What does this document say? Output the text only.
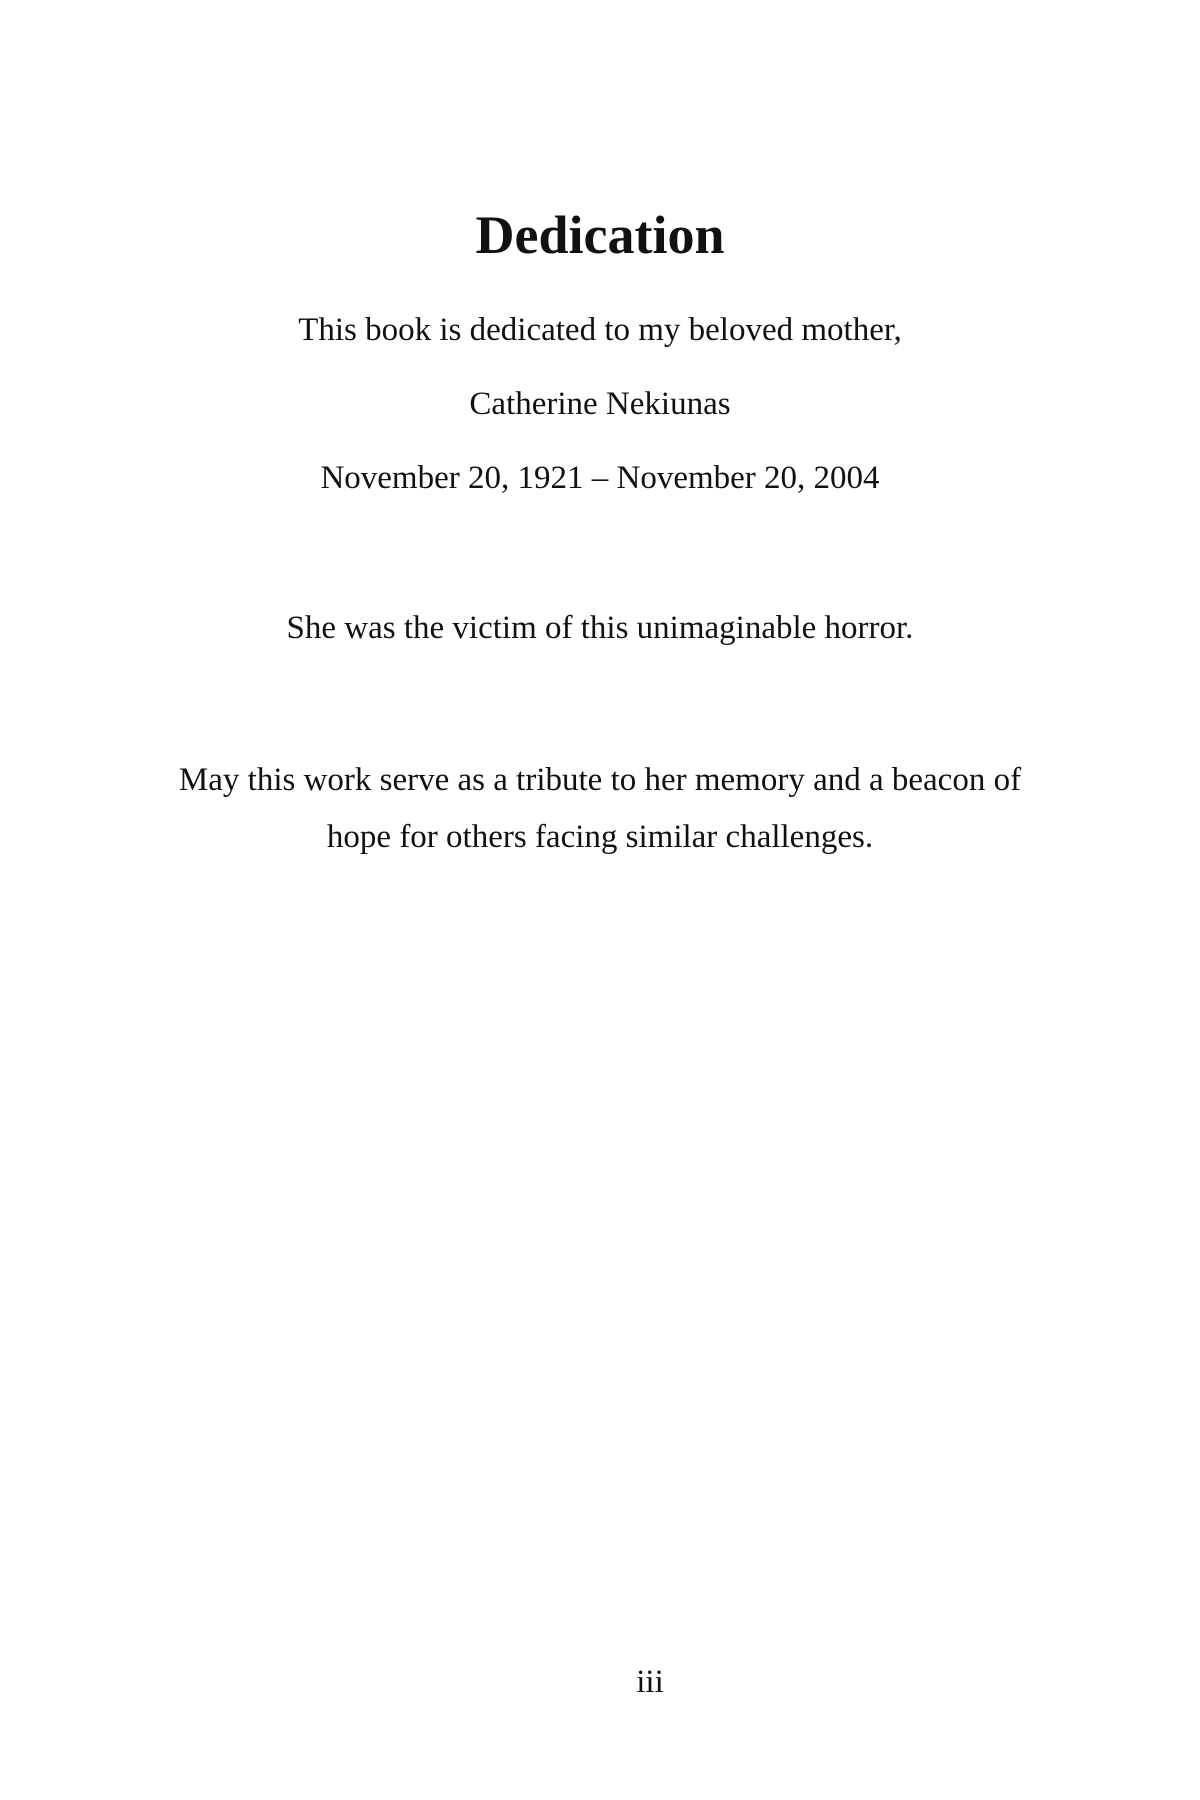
Dedication

This book is dedicated to my beloved mother,

Catherine Nekiunas

November 20, 1921 – November 20, 2004

She was the victim of this unimaginable horror.

May this work serve as a tribute to her memory and a beacon of hope for others facing similar challenges.

iii
